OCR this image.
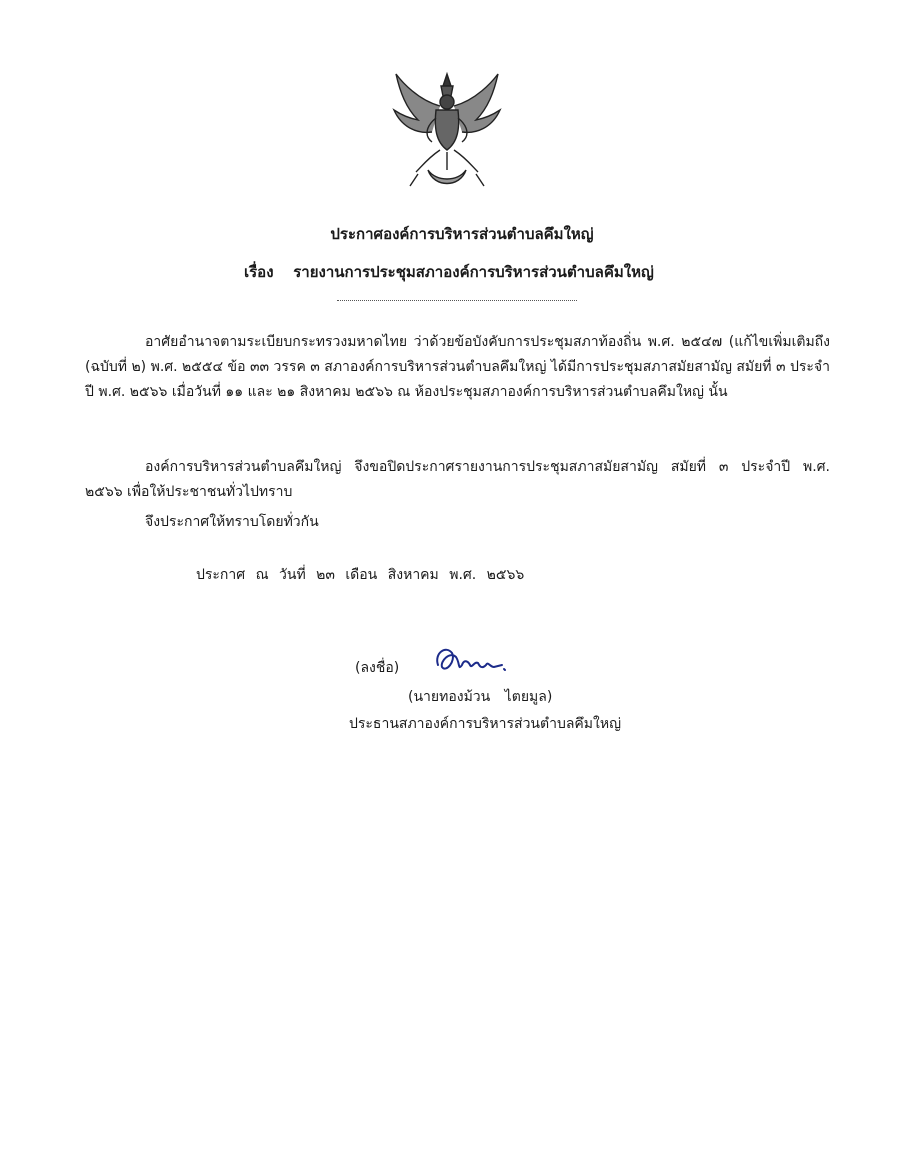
ประกาศองค์การบริหารส่วนตำบลคึมใหญ่
เรื่อง รายงานการประชุมสภาองค์การบริหารส่วนตำบลคึมใหญ่
อาศัยอำนาจตามระเบียบกระทรวงมหาดไทย ว่าด้วยข้อบังคับการประชุมสภาท้องถิ่น พ.ศ. ๒๕๔๗ (แก้ไขเพิ่มเติมถึง (ฉบับที่ ๒) พ.ศ. ๒๕๕๔ ข้อ ๓๓ วรรค ๓ สภาองค์การบริหารส่วนตำบลคึมใหญ่ ได้มีการประชุมสภาสมัยสามัญ สมัยที่ ๓ ประจำปี พ.ศ. ๒๕๖๖ เมื่อวันที่ ๑๑ และ ๒๑ สิงหาคม ๒๕๖๖ ณ ห้องประชุมสภาองค์การบริหารส่วนตำบลคึมใหญ่ นั้น
องค์การบริหารส่วนตำบลคึมใหญ่ จึงขอปิดประกาศรายงานการประชุมสภาสมัยสามัญ สมัยที่ ๓ ประจำปี พ.ศ. ๒๕๖๖ เพื่อให้ประชาชนทั่วไปทราบ
จึงประกาศให้ทราบโดยทั่วกัน
ประกาศ ณ วันที่ ๒๓ เดือน สิงหาคม พ.ศ. ๒๕๖๖
(ลงชื่อ)
(นายทองม้วน ไตยมูล)
ประธานสภาองค์การบริหารส่วนตำบลคึมใหญ่
